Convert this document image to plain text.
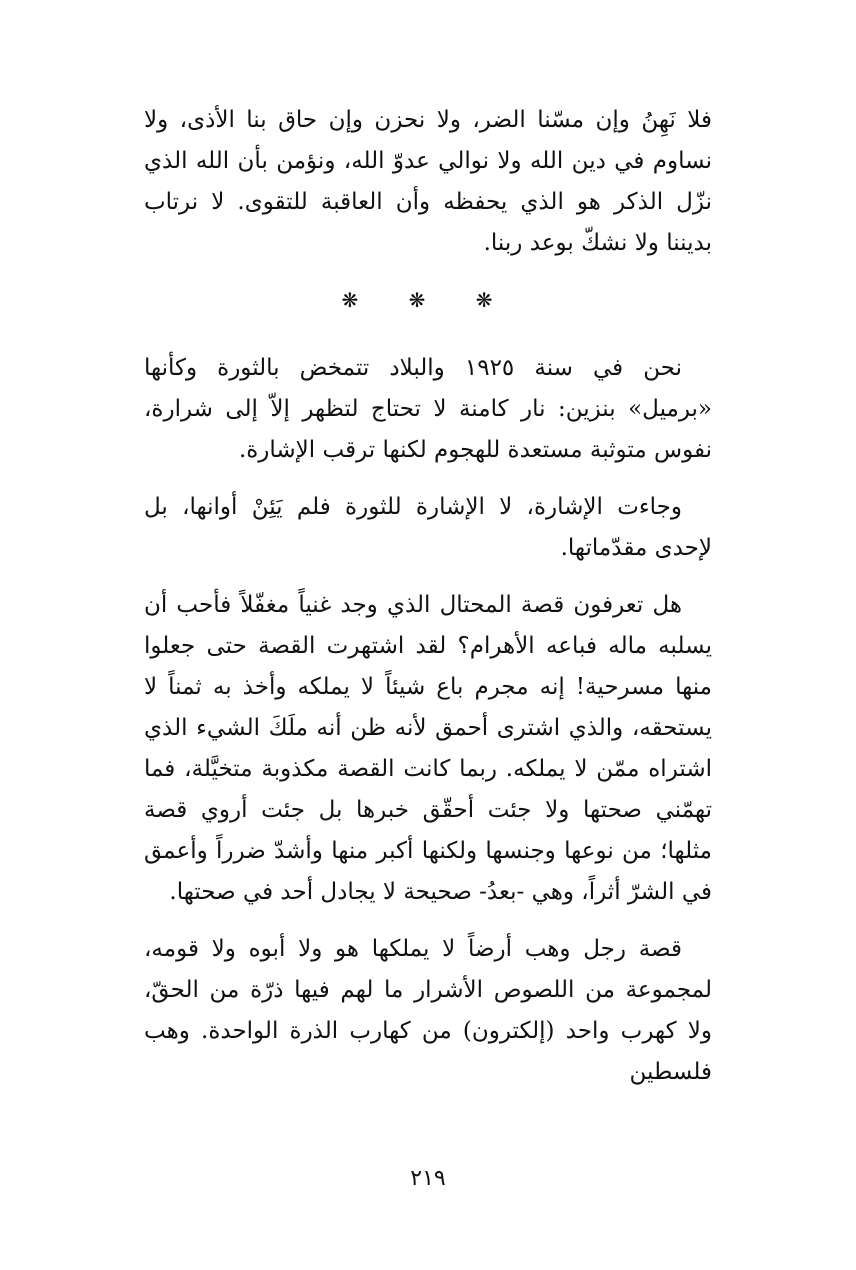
فلا نَهِنُ وإن مسّنا الضر، ولا نحزن وإن حاق بنا الأذى، ولا نساوم في دين الله ولا نوالي عدوّ الله، ونؤمن بأن الله الذي نزّل الذكر هو الذي يحفظه وأن العاقبة للتقوى. لا نرتاب بديننا ولا نشكّ بوعد ربنا.

❋ ❋ ❋

نحن في سنة ١٩٢٥ والبلاد تتمخض بالثورة وكأنها «برميل» بنزين: نار كامنة لا تحتاج لتظهر إلاّ إلى شرارة، نفوس متوثبة مستعدة للهجوم لكنها ترقب الإشارة.

وجاءت الإشارة، لا الإشارة للثورة فلم يَئِنْ أوانها، بل لإحدى مقدّماتها.

هل تعرفون قصة المحتال الذي وجد غنياً مغفّلاً فأحب أن يسلبه ماله فباعه الأهرام؟ لقد اشتهرت القصة حتى جعلوا منها مسرحية! إنه مجرم باع شيئاً لا يملكه وأخذ به ثمناً لا يستحقه، والذي اشترى أحمق لأنه ظن أنه ملَكَ الشيء الذي اشتراه ممّن لا يملكه. ربما كانت القصة مكذوبة متخيَّلة، فما تهمّني صحتها ولا جئت أحقّق خبرها بل جئت أروي قصة مثلها؛ من نوعها وجنسها ولكنها أكبر منها وأشدّ ضرراً وأعمق في الشرّ أثراً، وهي -بعدُ- صحيحة لا يجادل أحد في صحتها.

قصة رجل وهب أرضاً لا يملكها هو ولا أبوه ولا قومه، لمجموعة من اللصوص الأشرار ما لهم فيها ذرّة من الحقّ، ولا كهرب واحد (إلكترون) من كهارب الذرة الواحدة. وهب فلسطين

٢١٩
